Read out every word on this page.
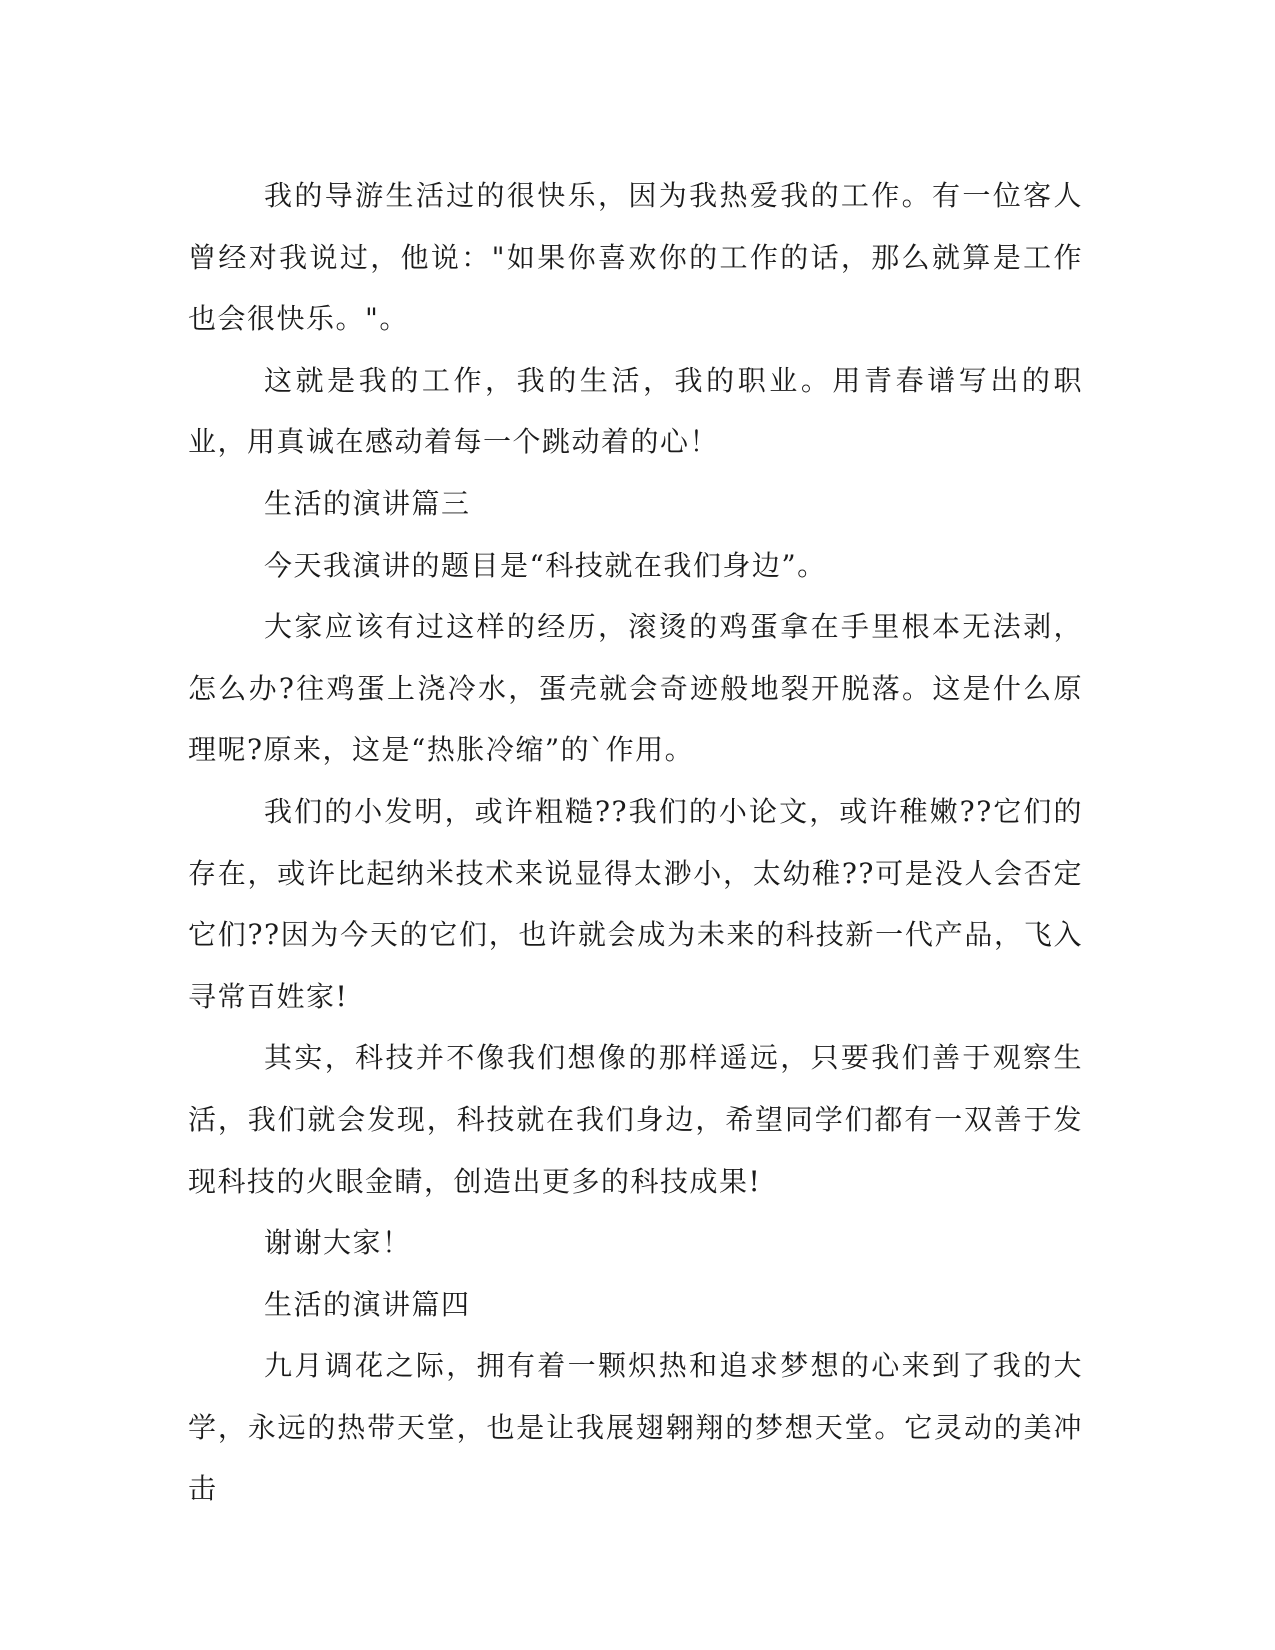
我的导游生活过的很快乐，因为我热爱我的工作。有一位客人曾经对我说过，他说："如果你喜欢你的工作的话，那么就算是工作也会很快乐。"。

这就是我的工作，我的生活，我的职业。用青春谱写出的职业，用真诚在感动着每一个跳动着的心！

生活的演讲篇三

今天我演讲的题目是“科技就在我们身边”。

大家应该有过这样的经历，滚烫的鸡蛋拿在手里根本无法剥，怎么办?往鸡蛋上浇冷水，蛋壳就会奇迹般地裂开脱落。这是什么原理呢?原来，这是“热胀冷缩”的`作用。

我们的小发明，或许粗糙??我们的小论文，或许稚嫩??它们的存在，或许比起纳米技术来说显得太渺小，太幼稚??可是没人会否定它们??因为今天的它们，也许就会成为未来的科技新一代产品，飞入寻常百姓家!

其实，科技并不像我们想像的那样遥远，只要我们善于观察生活，我们就会发现，科技就在我们身边，希望同学们都有一双善于发现科技的火眼金睛，创造出更多的科技成果!

谢谢大家！

生活的演讲篇四

九月调花之际，拥有着一颗炽热和追求梦想的心来到了我的大学，永远的热带天堂，也是让我展翅翱翔的梦想天堂。它灵动的美冲击
